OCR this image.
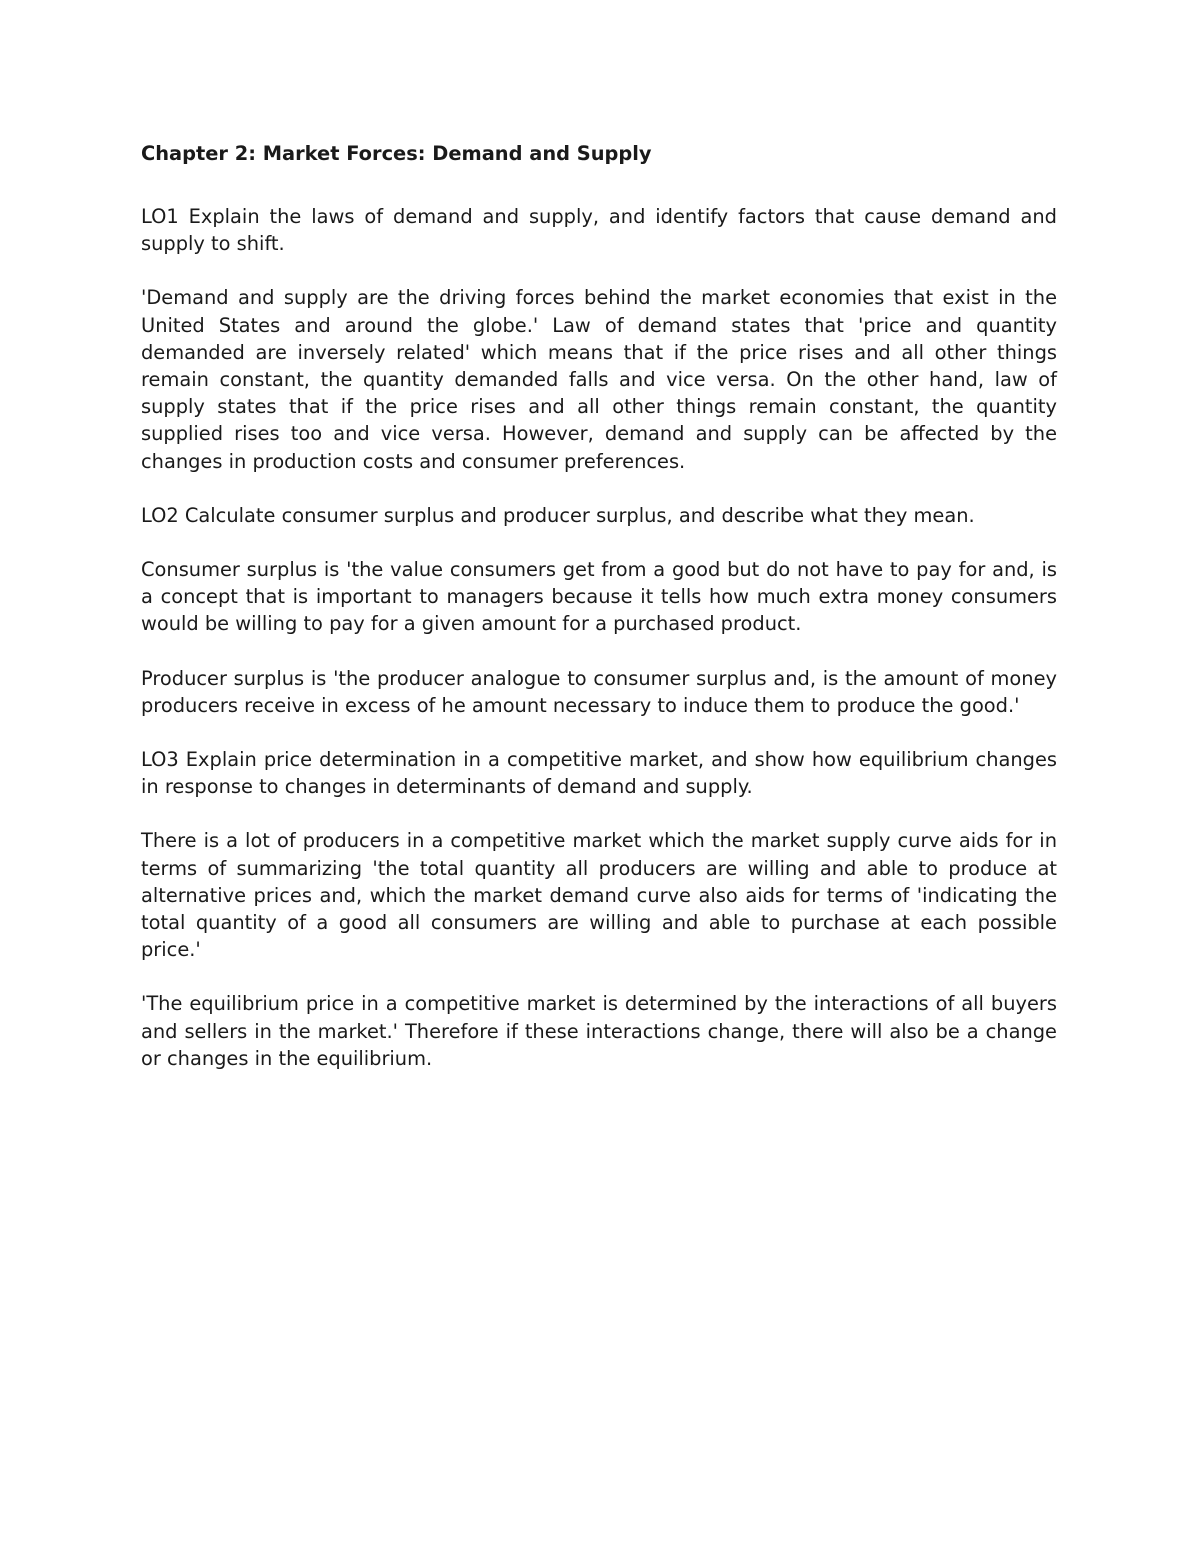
Chapter 2: Market Forces: Demand and Supply

LO1 Explain the laws of demand and supply, and identify factors that cause demand and supply to shift.

'Demand and supply are the driving forces behind the market economies that exist in the United States and around the globe.' Law of demand states that 'price and quantity demanded are inversely related' which means that if the price rises and all other things remain constant, the quantity demanded falls and vice versa. On the other hand, law of supply states that if the price rises and all other things remain constant, the quantity supplied rises too and vice versa. However, demand and supply can be affected by the changes in production costs and consumer preferences.

LO2 Calculate consumer surplus and producer surplus, and describe what they mean.

Consumer surplus is 'the value consumers get from a good but do not have to pay for and, is a concept that is important to managers because it tells how much extra money consumers would be willing to pay for a given amount for a purchased product.

Producer surplus is 'the producer analogue to consumer surplus and, is the amount of money producers receive in excess of he amount necessary to induce them to produce the good.'

LO3 Explain price determination in a competitive market, and show how equilibrium changes in response to changes in determinants of demand and supply.

There is a lot of producers in a competitive market which the market supply curve aids for in terms of summarizing 'the total quantity all producers are willing and able to produce at alternative prices and, which the market demand curve also aids for terms of 'indicating the total quantity of a good all consumers are willing and able to purchase at each possible price.'

'The equilibrium price in a competitive market is determined by the interactions of all buyers and sellers in the market.' Therefore if these interactions change, there will also be a change or changes in the equilibrium.
